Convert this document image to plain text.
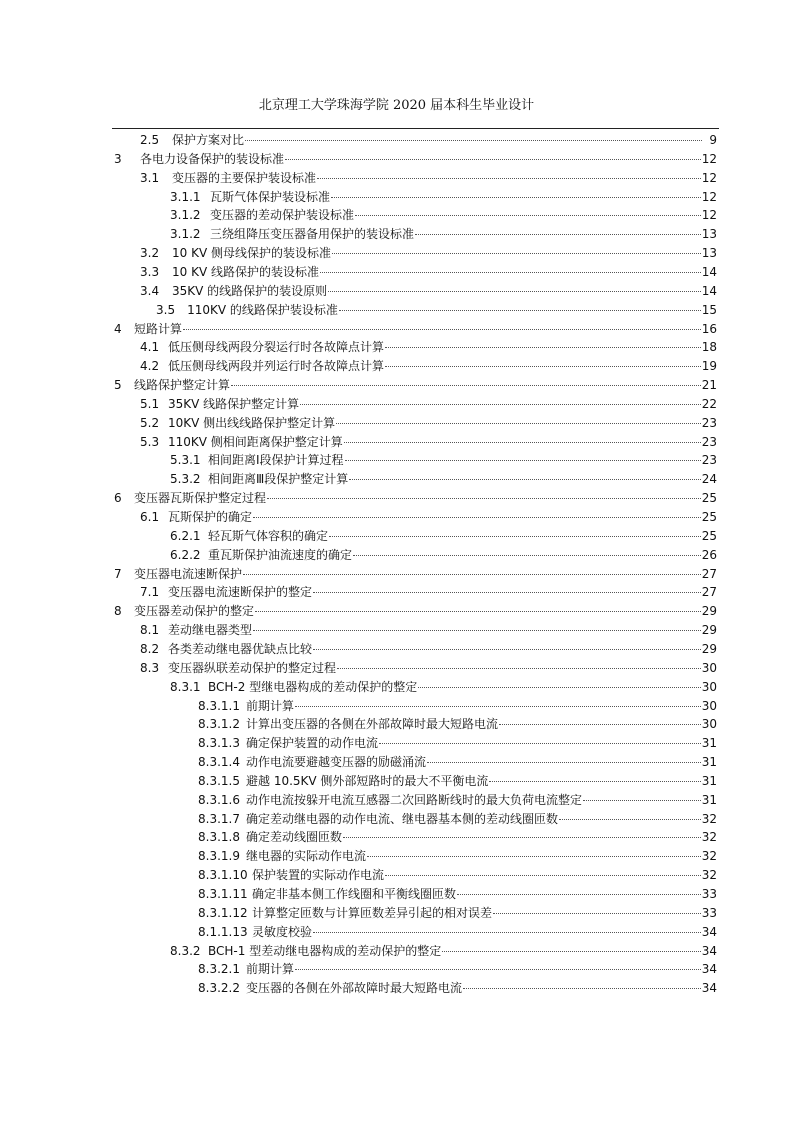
北京理工大学珠海学院 2020 届本科生毕业设计
2.5	保护方案对比	9
3	各电力设备保护的装设标准	12
3.1	变压器的主要保护装设标准	12
3.1.1 瓦斯气体保护装设标准	12
3.1.2 变压器的差动保护装设标准	12
3.1.2 三绕组降压变压器备用保护的装设标准	13
3.2	10 KV 侧母线保护的装设标准	13
3.3	10 KV 线路保护的装设标准	14
3.4	35KV 的线路保护的装设原则	14
3.5 110KV 的线路保护装设标准	15
4	短路计算	16
4.1 低压侧母线两段分裂运行时各故障点计算	18
4.2 低压侧母线两段并列运行时各故障点计算	19
5	线路保护整定计算	21
5.1 35KV 线路保护整定计算	22
5.2 10KV 侧出线线路保护整定计算	23
5.3 110KV 侧相间距离保护整定计算	23
5.3.1 相间距离Ⅰ段保护计算过程	23
5.3.2 相间距离Ⅲ段保护整定计算	24
6	变压器瓦斯保护整定过程	25
6.1 瓦斯保护的确定	25
6.2.1 轻瓦斯气体容积的确定	25
6.2.2 重瓦斯保护油流速度的确定	26
7	变压器电流速断保护	27
7.1 变压器电流速断保护的整定	27
8	变压器差动保护的整定	29
8.1 差动继电器类型	29
8.2 各类差动继电器优缺点比较	29
8.3 变压器纵联差动保护的整定过程	30
8.3.1 BCH-2 型继电器构成的差动保护的整定	30
8.3.1.1 前期计算	30
8.3.1.2 计算出变压器的各侧在外部故障时最大短路电流	30
8.3.1.3 确定保护装置的动作电流	31
8.3.1.4 动作电流要避越变压器的励磁涌流	31
8.3.1.5 避越 10.5KV 侧外部短路时的最大不平衡电流	31
8.3.1.6 动作电流按躲开电流互感器二次回路断线时的最大负荷电流整定	31
8.3.1.7 确定差动继电器的动作电流、继电器基本侧的差动线圈匝数	32
8.3.1.8 确定差动线圈匝数	32
8.3.1.9 继电器的实际动作电流	32
8.3.1.10 保护装置的实际动作电流	32
8.3.1.11 确定非基本侧工作线圈和平衡线圈匝数	33
8.3.1.12 计算整定匝数与计算匝数差异引起的相对误差	33
8.1.1.13 灵敏度校验	34
8.3.2 BCH-1 型差动继电器构成的差动保护的整定	34
8.3.2.1 前期计算	34
8.3.2.2 变压器的各侧在外部故障时最大短路电流	34
